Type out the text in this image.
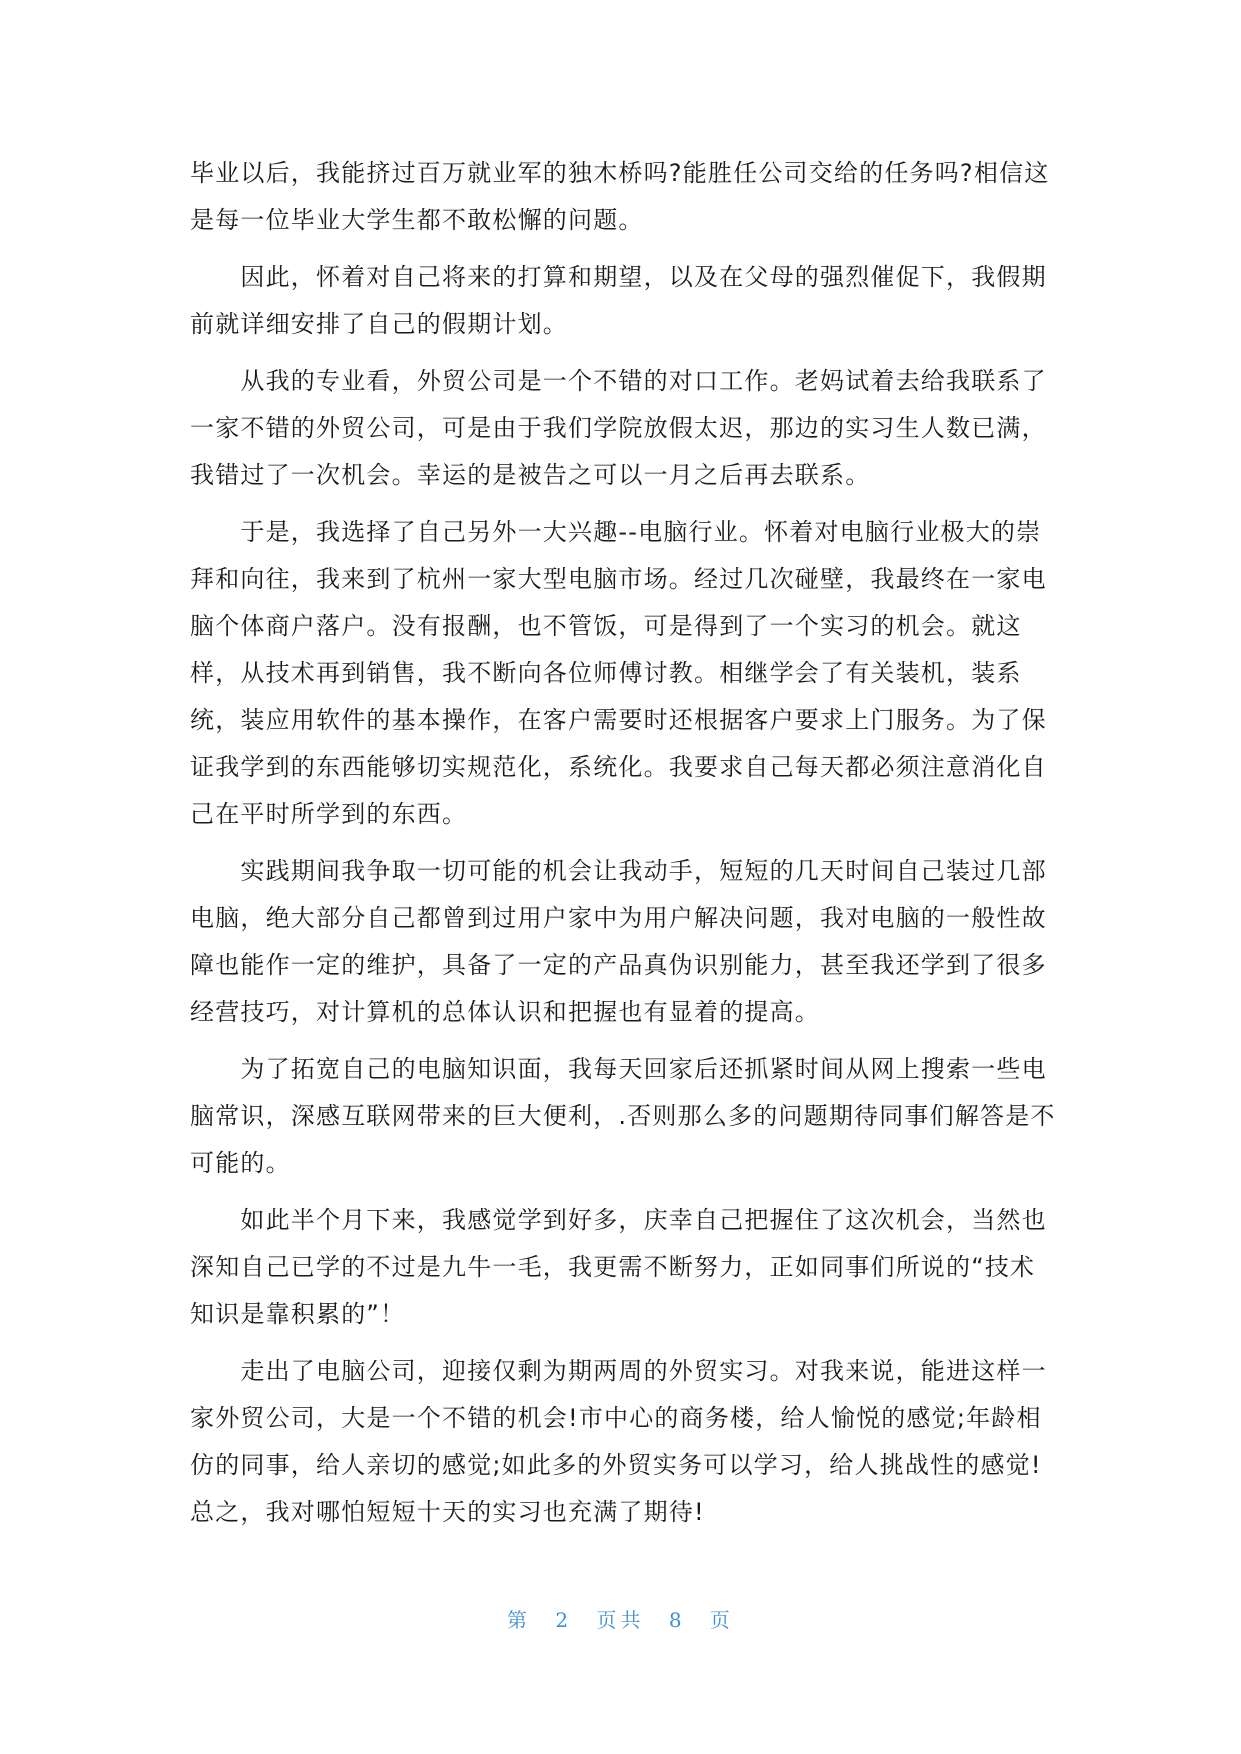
毕业以后，我能挤过百万就业军的独木桥吗?能胜任公司交给的任务吗?相信这
是每一位毕业大学生都不敢松懈的问题。
　　因此，怀着对自己将来的打算和期望，以及在父母的强烈催促下，我假期
前就详细安排了自己的假期计划。
　　从我的专业看，外贸公司是一个不错的对口工作。老妈试着去给我联系了
一家不错的外贸公司，可是由于我们学院放假太迟，那边的实习生人数已满，
我错过了一次机会。幸运的是被告之可以一月之后再去联系。
　　于是，我选择了自己另外一大兴趣--电脑行业。怀着对电脑行业极大的崇
拜和向往，我来到了杭州一家大型电脑市场。经过几次碰壁，我最终在一家电
脑个体商户落户。没有报酬，也不管饭，可是得到了一个实习的机会。就这
样，从技术再到销售，我不断向各位师傅讨教。相继学会了有关装机，装系
统，装应用软件的基本操作，在客户需要时还根据客户要求上门服务。为了保
证我学到的东西能够切实规范化，系统化。我要求自己每天都必须注意消化自
己在平时所学到的东西。
　　实践期间我争取一切可能的机会让我动手，短短的几天时间自己装过几部
电脑，绝大部分自己都曾到过用户家中为用户解决问题，我对电脑的一般性故
障也能作一定的维护，具备了一定的产品真伪识别能力，甚至我还学到了很多
经营技巧，对计算机的总体认识和把握也有显着的提高。
　　为了拓宽自己的电脑知识面，我每天回家后还抓紧时间从网上搜索一些电
脑常识，深感互联网带来的巨大便利，.否则那么多的问题期待同事们解答是不
可能的。
　　如此半个月下来，我感觉学到好多，庆幸自己把握住了这次机会，当然也
深知自己已学的不过是九牛一毛，我更需不断努力，正如同事们所说的“技术
知识是靠积累的”！
　　走出了电脑公司，迎接仅剩为期两周的外贸实习。对我来说，能进这样一
家外贸公司，大是一个不错的机会!市中心的商务楼，给人愉悦的感觉;年龄相
仿的同事，给人亲切的感觉;如此多的外贸实务可以学习，给人挑战性的感觉!
总之，我对哪怕短短十天的实习也充满了期待!
第 2 页共 8 页
